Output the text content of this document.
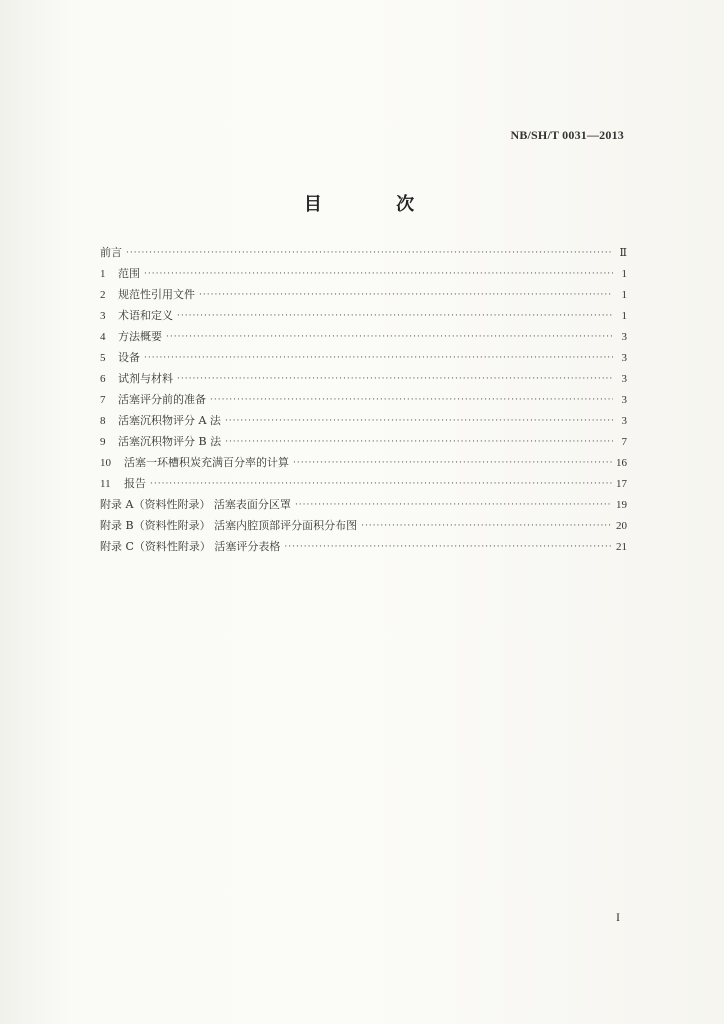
NB/SH/T 0031—2013
目 次
前言 ·····	Ⅱ
1	范围 ·····	1
2	规范性引用文件 ·····	1
3	术语和定义 ·····	1
4	方法概要 ·····	3
5	设备 ·····	3
6	试剂与材料 ·····	3
7	活塞评分前的准备 ·····	3
8	活塞沉积物评分 A 法 ·····	3
9	活塞沉积物评分 B 法 ·····	7
10	活塞一环槽积炭充满百分率的计算 ·····	16
11	报告 ·····	17
附录 A（资料性附录） 活塞表面分区罩 ·····	19
附录 B（资料性附录） 活塞内腔顶部评分面积分布图 ·····	20
附录 C（资料性附录） 活塞评分表格 ·····	21
I
